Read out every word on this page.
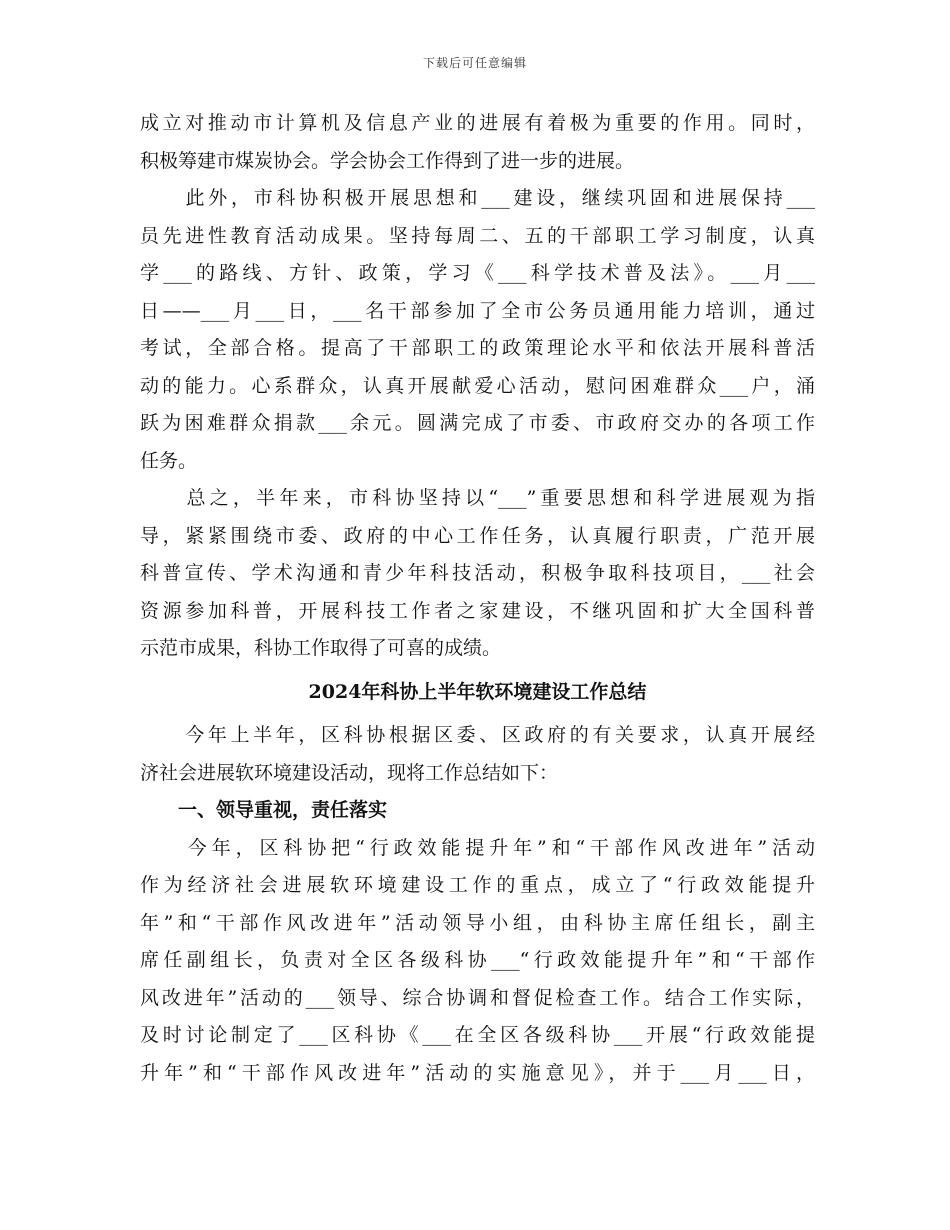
下载后可任意编辑
成立对推动市计算机及信息产业的进展有着极为重要的作用。同时，
积极筹建市煤炭协会。学会协会工作得到了进一步的进展。
　　此外，市科协积极开展思想和___建设，继续巩固和进展保持___
员先进性教育活动成果。坚持每周二、五的干部职工学习制度，认真
学___的路线、方针、政策，学习《___科学技术普及法》。___月___
日——___月___日，___名干部参加了全市公务员通用能力培训，通过
考试，全部合格。提高了干部职工的政策理论水平和依法开展科普活
动的能力。心系群众，认真开展献爱心活动，慰问困难群众___户，涌
跃为困难群众捐款___余元。圆满完成了市委、市政府交办的各项工作
任务。
　　总之，半年来，市科协坚持以“___”重要思想和科学进展观为指
导，紧紧围绕市委、政府的中心工作任务，认真履行职责，广范开展
科普宣传、学术沟通和青少年科技活动，积极争取科技项目，___社会
资源参加科普，开展科技工作者之家建设，不继巩固和扩大全国科普
示范市成果，科协工作取得了可喜的成绩。
2024年科协上半年软环境建设工作总结
　　今年上半年，区科协根据区委、区政府的有关要求，认真开展经
济社会进展软环境建设活动，现将工作总结如下：
　　一、领导重视，责任落实
　　今年，区科协把“行政效能提升年”和“干部作风改进年”活动
作为经济社会进展软环境建设工作的重点，成立了“行政效能提升
年”和“干部作风改进年”活动领导小组，由科协主席任组长，副主
席任副组长，负责对全区各级科协___“行政效能提升年”和“干部作
风改进年”活动的___领导、综合协调和督促检查工作。结合工作实际，
及时讨论制定了___区科协《___在全区各级科协___开展“行政效能提
升年”和“干部作风改进年”活动的实施意见》，并于___月___日，
